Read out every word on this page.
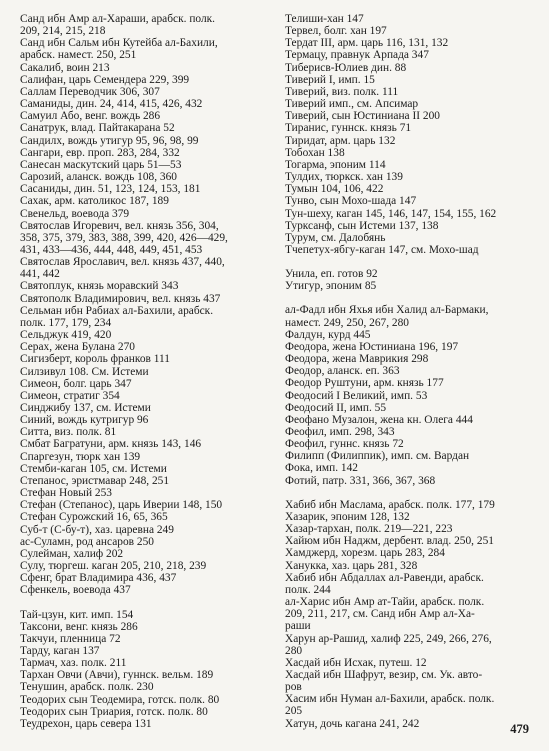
Санд ибн Амр ал-Хараши, арабск. полк.
209, 214, 215, 218
Санд ибн Сальм ибн Кутейба ал-Бахили,
арабск. намест. 250, 251
Сакалиб, воин 213
Салифан, царь Семендера 229, 399
Саллам Переводчик 306, 307
Саманиды, дин. 24, 414, 415, 426, 432
Самуил Або, венг. вождь 286
Санатрук, влад. Пайтакарана 52
Сандилх, вождь утигур 95, 96, 98, 99
Сангари, евр. проп. 283, 284, 332
Санесан маскутский царь 51—53
Сарозий, аланск. вождь 108, 360
Сасаниды, дин. 51, 123, 124, 153, 181
Сахак, арм. католикос 187, 189
Свенельд, воевода 379
Святослав Игоревич, вел. князь 356, 304,
358, 375, 379, 383, 388, 399, 420, 426—429,
431, 433—436, 444, 448, 449, 451, 453
Святослав Ярославич, вел. князь 437, 440,
441, 442
Святоплук, князь моравский 343
Святополк Владимирович, вел. князь 437
Сельман ибн Рабиах ал-Бахили, арабск.
полк. 177, 179, 234
Сельджук 419, 420
Серах, жена Булана 270
Сигизберт, король франков 111
Силзивул 108. См. Истеми
Симеон, болг. царь 347
Симеон, стратиг 354
Синджибу 137, см. Истеми
Синий, вождь кутригур 96
Ситта, виз. полк. 81
Смбат Багратуни, арм. князь 143, 146
Спаргезун, тюрк хан 139
Стемби-каган 105, см. Истеми
Степанос, эристмавар 248, 251
Стефан Новый 253
Стефан (Степанос), царь Иверии 148, 150
Стефан Сурожский 16, 65, 365
Суб-т (С-бу-т), хаз. царевна 249
ас-Суламн, род ансаров 250
Сулейман, халиф 202
Сулу, тюргеш. каган 205, 210, 218, 239
Сфенг, брат Владимира 436, 437
Сфенкель, воевода 437
Тай-цзун, кит. имп. 154
Таксони, венг. князь 286
Такчуи, пленница 72
Тарду, каган 137
Тармач, хаз. полк. 211
Тархан Овчи (Авчи), гуннск. вельм. 189
Тенушин, арабск. полк. 230
Теодорих сын Теодемира, готск. полк. 80
Теодорих сын Триария, готск. полк. 80
Теудрехон, царь севера 131
Телиши-хан 147
Тервел, болг. хан 197
Тердат III, арм. царь 116, 131, 132
Термацу, правнук Арпада 347
Тиберисв-Юлиев дин. 88
Тиверий I, имп. 15
Тиверий, виз. полк. 111
Тиверий имп., см. Апсимар
Тиверий, сын Юстиниана II 200
Тиранис, гуннск. князь 71
Тиридат, арм. царь 132
Тобохан 138
Тогарма, эпоним 114
Тулдих, тюркск. хан 139
Тумын 104, 106, 422
Тунво, сын Мохо-шада 147
Тун-шеху, каган 145, 146, 147, 154, 155, 162
Турксанф, сын Истеми 137, 138
Турум, см. Далобянь
Тчепетух-ябгу-каган 147, см. Мохо-шад
Унила, еп. готов 92
Утигур, эпоним 85
ал-Фадл ибн Яхья ибн Халид ал-Бармаки,
намест. 249, 250, 267, 280
Фалдун, курд 445
Феодора, жена Юстиниана 196, 197
Феодора, жена Маврикия 298
Феодор, аланск. еп. 363
Феодор Руштуни, арм. князь 177
Феодосий I Великий, имп. 53
Феодосий II, имп. 55
Феофано Музалон, жена кн. Олега 444
Феофил, имп. 298, 343
Феофил, гуннс. князь 72
Филипп (Филиппик), имп. см. Вардан
Фока, имп. 142
Фотий, патр. 331, 366, 367, 368
Хабиб ибн Маслама, арабск. полк. 177, 179
Хазарик, эпоним 128, 132
Хазар-тархан, полк. 219—221, 223
Хайюм ибн Наджм, дербент. влад. 250, 251
Хамджерд, хорезм. царь 283, 284
Ханукка, хаз. царь 281, 328
Хабиб ибн Абдаллах ал-Равенди, арабск.
полк. 244
ал-Харис ибн Амр ат-Тайи, арабск. полк.
209, 211, 217, см. Санд ибн Амр ал-Ха-
раши
Харун ар-Рашид, халиф 225, 249, 266, 276,
280
Хасдай ибн Исхак, путеш. 12
Хасдай ибн Шафрут, везир, см. Ук. авто-
ров
Хасим ибн Нуман ал-Бахили, арабск. полк.
205
Хатун, дочь кагана 241, 242	479
